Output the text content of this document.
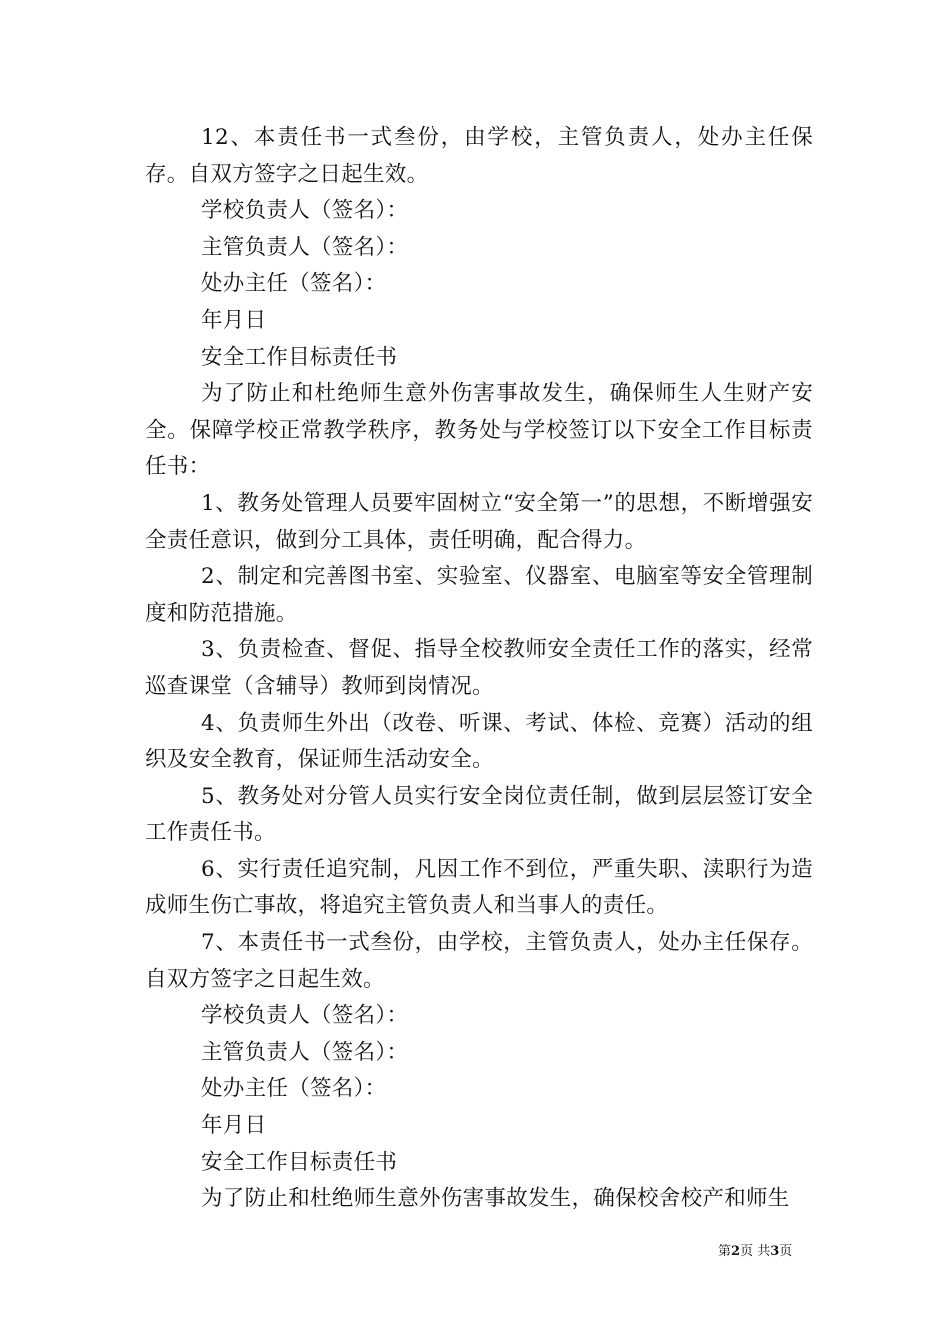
12、本责任书一式叁份，由学校，主管负责人，处办主任保存。自双方签字之日起生效。

学校负责人（签名）：

主管负责人（签名）：

处办主任（签名）：

年月日

安全工作目标责任书

为了防止和杜绝师生意外伤害事故发生，确保师生人生财产安全。保障学校正常教学秩序，教务处与学校签订以下安全工作目标责任书：

1、教务处管理人员要牢固树立“安全第一”的思想，不断增强安全责任意识，做到分工具体，责任明确，配合得力。

2、制定和完善图书室、实验室、仪器室、电脑室等安全管理制度和防范措施。

3、负责检查、督促、指导全校教师安全责任工作的落实，经常巡查课堂（含辅导）教师到岗情况。

4、负责师生外出（改卷、听课、考试、体检、竞赛）活动的组织及安全教育，保证师生活动安全。

5、教务处对分管人员实行安全岗位责任制，做到层层签订安全工作责任书。

6、实行责任追究制，凡因工作不到位，严重失职、渎职行为造成师生伤亡事故，将追究主管负责人和当事人的责任。

7、本责任书一式叁份，由学校，主管负责人，处办主任保存。自双方签字之日起生效。

学校负责人（签名）：

主管负责人（签名）：

处办主任（签名）：

年月日

安全工作目标责任书

为了防止和杜绝师生意外伤害事故发生，确保校舍校产和师生

第2页 共3页
